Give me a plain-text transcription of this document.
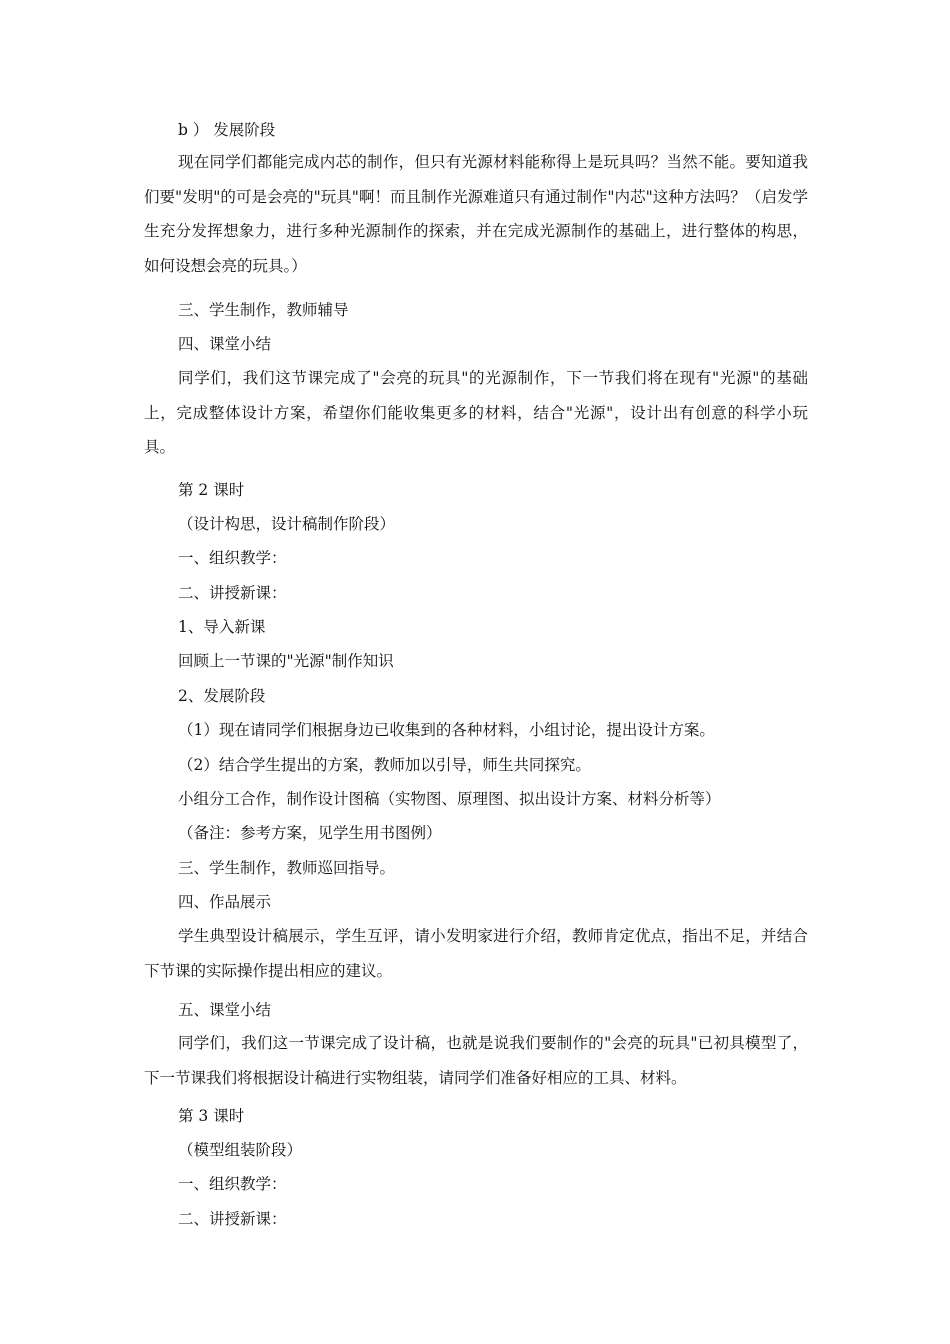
b ） 发展阶段
现在同学们都能完成内芯的制作，但只有光源材料能称得上是玩具吗？当然不能。要知道我们要"发明"的可是会亮的"玩具"啊！而且制作光源难道只有通过制作"内芯"这种方法吗？（启发学生充分发挥想象力，进行多种光源制作的探索，并在完成光源制作的基础上，进行整体的构思，如何设想会亮的玩具。）
三、学生制作，教师辅导
四、课堂小结
同学们，我们这节课完成了"会亮的玩具"的光源制作，下一节我们将在现有"光源"的基础上，完成整体设计方案，希望你们能收集更多的材料，结合"光源"，设计出有创意的科学小玩具。
第 2 课时
（设计构思，设计稿制作阶段）
一、组织教学：
二、讲授新课：
1、导入新课
回顾上一节课的"光源"制作知识
2、发展阶段
（1）现在请同学们根据身边已收集到的各种材料，小组讨论，提出设计方案。
（2）结合学生提出的方案，教师加以引导，师生共同探究。
小组分工合作，制作设计图稿（实物图、原理图、拟出设计方案、材料分析等）
（备注：参考方案，见学生用书图例）
三、学生制作，教师巡回指导。
四、作品展示
学生典型设计稿展示，学生互评，请小发明家进行介绍，教师肯定优点，指出不足，并结合下节课的实际操作提出相应的建议。
五、课堂小结
同学们，我们这一节课完成了设计稿，也就是说我们要制作的"会亮的玩具"已初具模型了，下一节课我们将根据设计稿进行实物组装，请同学们准备好相应的工具、材料。
第 3 课时
（模型组装阶段）
一、组织教学：
二、讲授新课：
